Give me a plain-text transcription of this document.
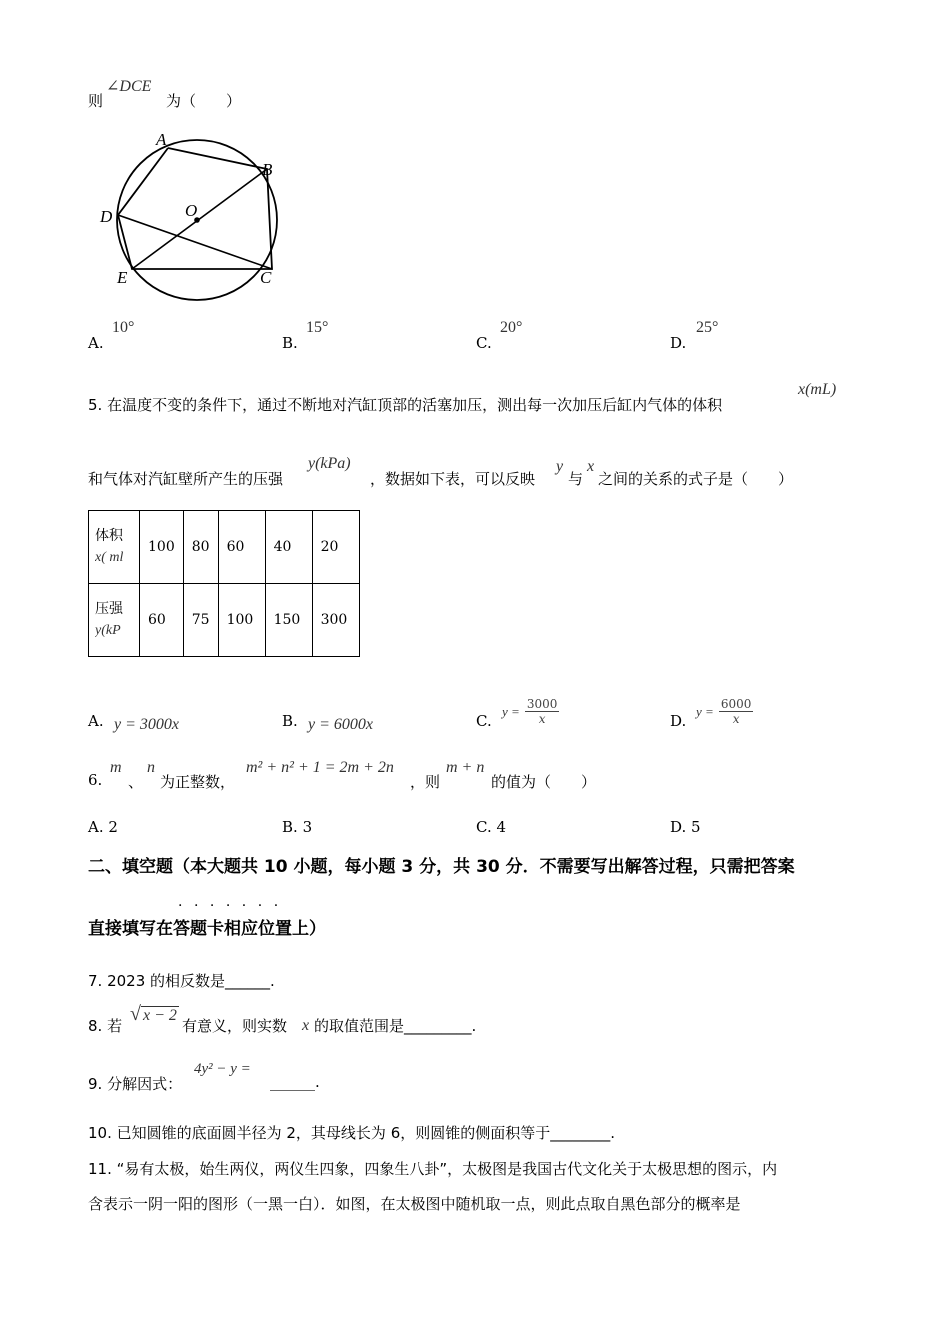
则
∠DCE
为（　　）
A
B
C
D
E
O
A.
10°
B.
15°
C.
20°
D.
25°
5. 在温度不变的条件下，通过不断地对汽缸顶部的活塞加压，测出每一次加压后缸内气体的体积
x(mL)
和气体对汽缸壁所产生的压强
y(kPa)
，数据如下表，可以反映
y
与
x
之间的关系的式子是（　　）
体积
x( ml	100	80	60	40	20

压强
y(kP	60	75	100	150	300
A. y = 3000x	B. y = 6000x	C.
$y = \frac{3000}{x}$	D.
$y = \frac{6000}{x}$
6.
m
、
n
为正整数，
m² + n² + 1 = 2m + 2n
，则
m + n
的值为（　　）
A. 2	B. 3	C. 4	D. 5
二、填空题（本大题共 10 小题，每小题 3 分，共 30 分．不需要写出解答过程，只需把答案
直接填写在答题卡相应位置上）
·······
7. 2023 的相反数是______.
8. 若
√ x − 2
有意义，则实数 x 的取值范围是_________.
9. 分解因式：
4y² − y =
______.
10. 已知圆锥的底面圆半径为 2，其母线长为 6，则圆锥的侧面积等于________.
11. “易有太极，始生两仪，两仪生四象，四象生八卦”，太极图是我国古代文化关于太极思想的图示，内
含表示一阴一阳的图形（一黑一白）．如图，在太极图中随机取一点，则此点取自黑色部分的概率是
